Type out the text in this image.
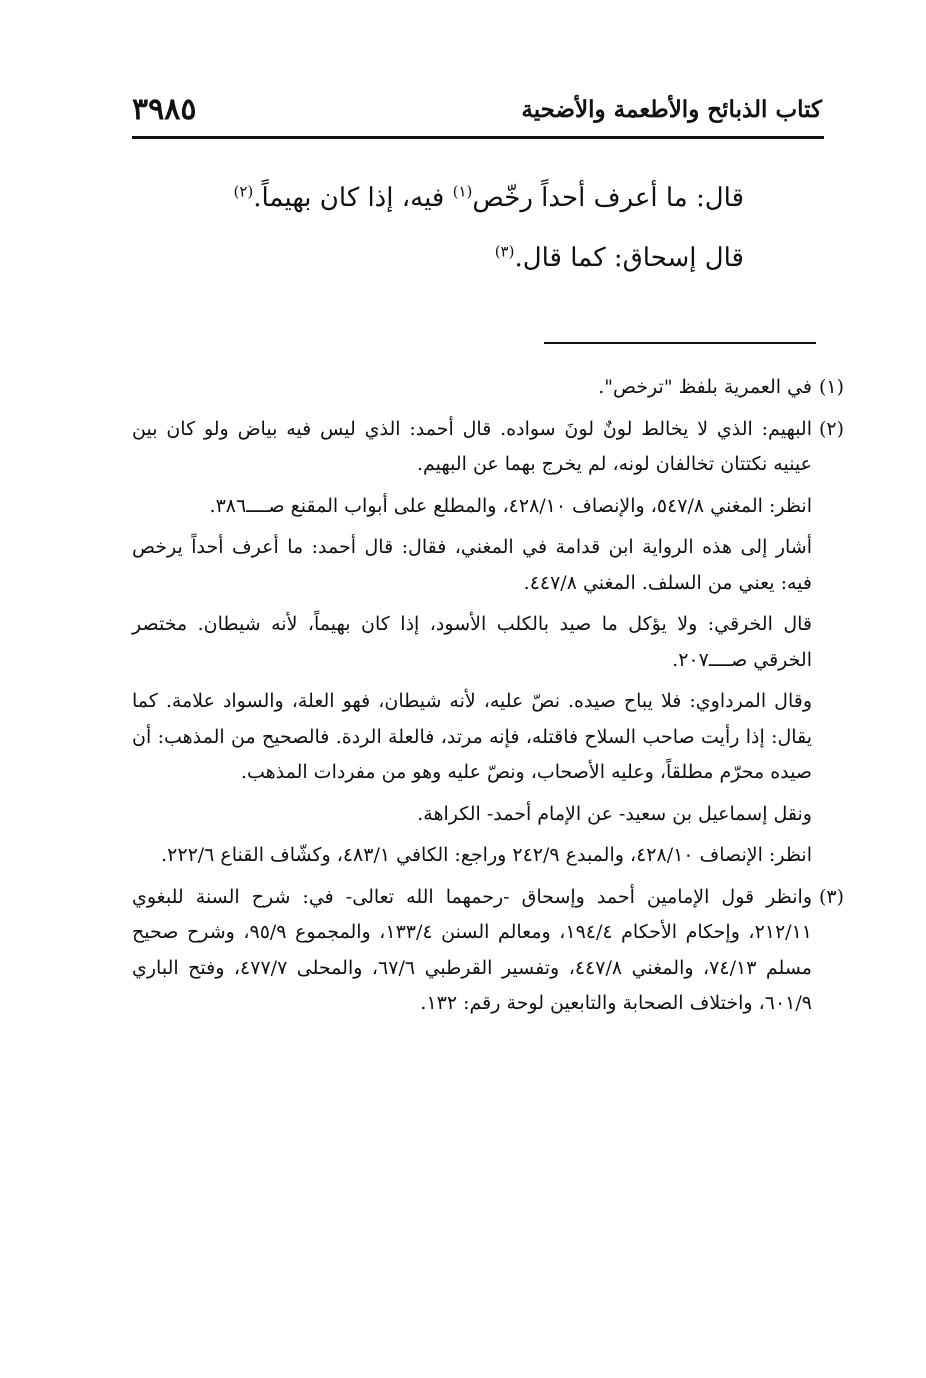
كتاب الذبائح والأطعمة والأضحية
٣٩٨٥

قال: ما أعرف أحداً رخّص$^{(١)}$ فيه، إذا كان بهيماً.$^{(٢)}$

قال إسحاق: كما قال.$^{(٣)}$

(١)

في العمرية بلفظ "ترخص".

(٢)

البهيم: الذي لا يخالط لونٌ لونَ سواده. قال أحمد: الذي ليس فيه بياض ولو كان بين عينيه نكتتان تخالفان لونه، لم يخرج بهما عن البهيم.

انظر: المغني ٥٤٧/٨، والإنصاف ٤٢٨/١٠، والمطلع على أبواب المقنع صــــ٣٨٦.

أشار إلى هذه الرواية ابن قدامة في المغني، فقال: قال أحمد: ما أعرف أحداً يرخص فيه: يعني من السلف. المغني ٤٤٧/٨.

قال الخرقي: ولا يؤكل ما صيد بالكلب الأسود، إذا كان بهيماً، لأنه شيطان. مختصر الخرقي صــــ٢٠٧.

وقال المرداوي: فلا يباح صيده. نصّ عليه، لأنه شيطان، فهو العلة، والسواد علامة. كما يقال: إذا رأيت صاحب السلاح فاقتله، فإنه مرتد، فالعلة الردة. فالصحيح من المذهب: أن صيده محرّم مطلقاً، وعليه الأصحاب، ونصّ عليه وهو من مفردات المذهب.

ونقل إسماعيل بن سعيد- عن الإمام أحمد- الكراهة.

انظر: الإنصاف ٤٢٨/١٠، والمبدع ٢٤٢/٩ وراجع: الكافي ٤٨٣/١، وكشّاف القناع ٢٢٢/٦.

(٣)

وانظر قول الإمامين أحمد وإسحاق -رحمهما الله تعالى- في: شرح السنة للبغوي ٢١٢/١١، وإحكام الأحكام ١٩٤/٤، ومعالم السنن ١٣٣/٤، والمجموع ٩٥/٩، وشرح صحيح مسلم ٧٤/١٣، والمغني ٤٤٧/٨، وتفسير القرطبي ٦٧/٦، والمحلى ٤٧٧/٧، وفتح الباري ٦٠١/٩، واختلاف الصحابة والتابعين لوحة رقم: ١٣٢.
